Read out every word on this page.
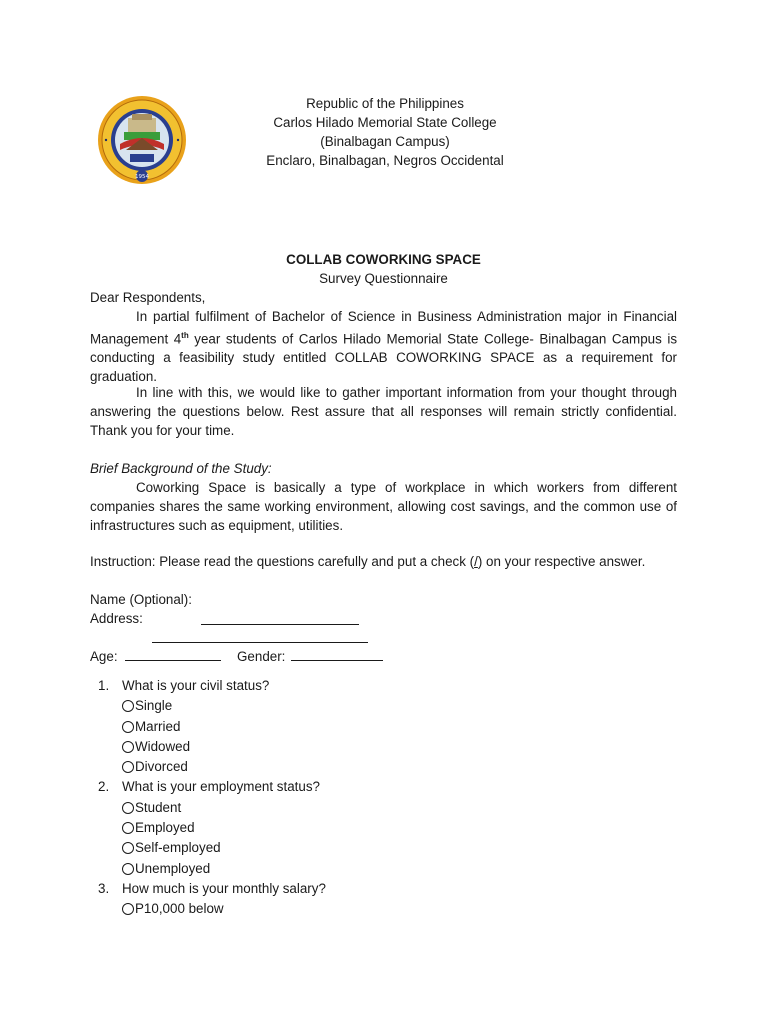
1954
Republic of the Philippines
Carlos Hilado Memorial State College
(Binalbagan Campus)
Enclaro, Binalbagan, Negros Occidental
COLLAB COWORKING SPACE
Survey Questionnaire
Dear Respondents,
In partial fulfilment of Bachelor of Science in Business Administration major in Financial Management 4th year students of Carlos Hilado Memorial State College- Binalbagan Campus is conducting a feasibility study entitled COLLAB COWORKING SPACE as a requirement for graduation.
In line with this, we would like to gather important information from your thought through answering the questions below. Rest assure that all responses will remain strictly confidential. Thank you for your time.
Brief Background of the Study:
Coworking Space is basically a type of workplace in which workers from different companies shares the same working environment, allowing cost savings, and the common use of infrastructures such as equipment, utilities.
Instruction: Please read the questions carefully and put a check (/) on your respective answer.
Name (Optional):
Address:
Age:	Gender:
1. What is your civil status?
Single
Married
Widowed
Divorced
2. What is your employment status?
Student
Employed
Self-employed
Unemployed
3. How much is your monthly salary?
P10,000 below
